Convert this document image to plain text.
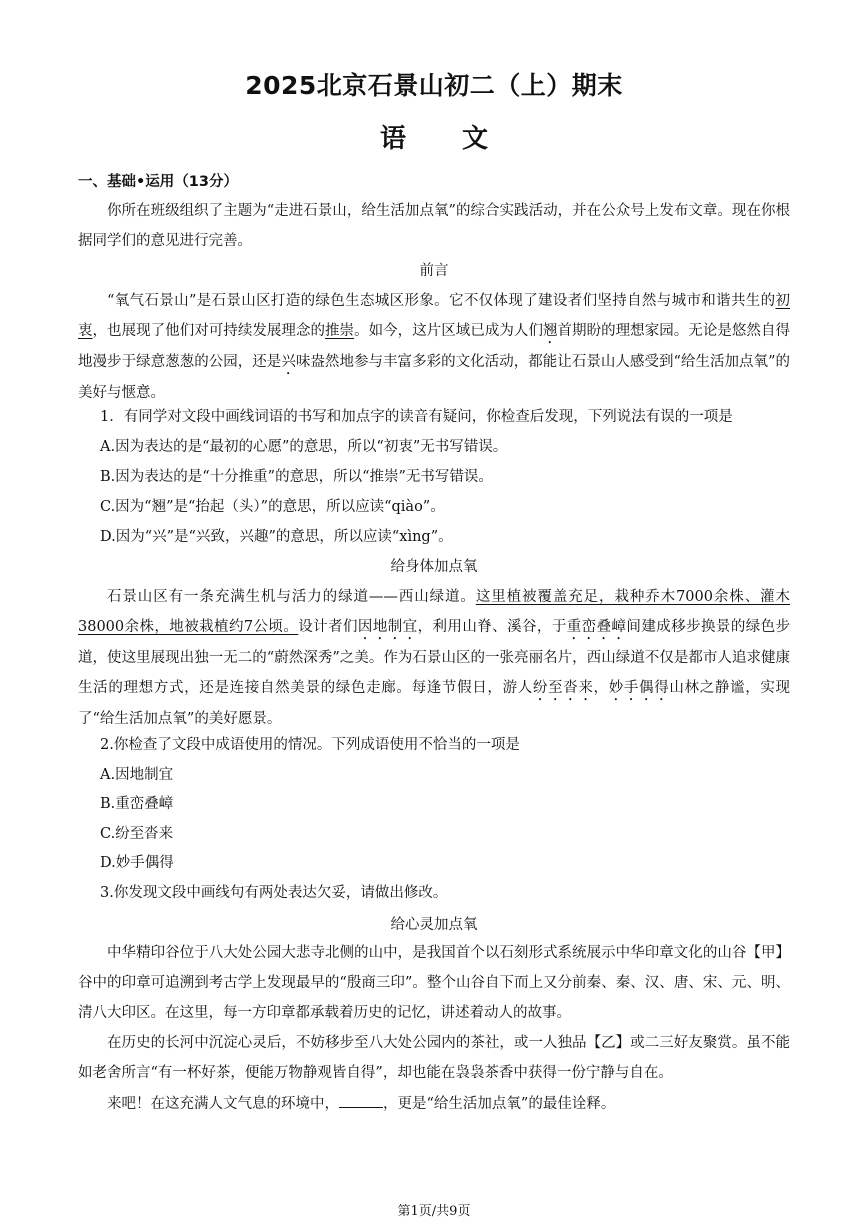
2025北京石景山初二（上）期末
语文
一、基础•运用（13分）
你所在班级组织了主题为“走进石景山，给生活加点氧”的综合实践活动，并在公众号上发布文章。现在你根据同学们的意见进行完善。
前言
“氧气石景山”是石景山区打造的绿色生态城区形象。它不仅体现了建设者们坚持自然与城市和谐共生的初衷，也展现了他们对可持续发展理念的推崇。如今，这片区域已成为人们翘首期盼的理想家园。无论是悠然自得地漫步于绿意葱葱的公园，还是兴味盎然地参与丰富多彩的文化活动，都能让石景山人感受到“给生活加点氧”的美好与惬意。
1．有同学对文段中画线词语的书写和加点字的读音有疑问，你检查后发现，下列说法有误的一项是
A.因为表达的是“最初的心愿”的意思，所以“初衷”无书写错误。
B.因为表达的是“十分推重”的意思，所以“推崇”无书写错误。
C.因为“翘”是“抬起（头）”的意思，所以应读“qiào”。
D.因为“兴”是“兴致，兴趣”的意思，所以应读“xìng”。
给身体加点氧
石景山区有一条充满生机与活力的绿道——西山绿道。这里植被覆盖充足，栽种乔木7000余株、灌木38000余株，地被栽植约7公顷。设计者们因地制宜，利用山脊、溪谷，于重峦叠嶂间建成移步换景的绿色步道，使这里展现出独一无二的“蔚然深秀”之美。作为石景山区的一张亮丽名片，西山绿道不仅是都市人追求健康生活的理想方式，还是连接自然美景的绿色走廊。每逢节假日，游人纷至沓来，妙手偶得山林之静谧，实现了“给生活加点氧”的美好愿景。
2.你检查了文段中成语使用的情况。下列成语使用不恰当的一项是
A.因地制宜
B.重峦叠嶂
C.纷至沓来
D.妙手偶得
3.你发现文段中画线句有两处表达欠妥，请做出修改。
给心灵加点氧
中华精印谷位于八大处公园大悲寺北侧的山中，是我国首个以石刻形式系统展示中华印章文化的山谷【甲】谷中的印章可追溯到考古学上发现最早的“殷商三印”。整个山谷自下而上又分前秦、秦、汉、唐、宋、元、明、清八大印区。在这里，每一方印章都承载着历史的记忆，讲述着动人的故事。
在历史的长河中沉淀心灵后，不妨移步至八大处公园内的茶社，或一人独品【乙】或二三好友聚赏。虽不能如老舍所言“有一杯好茶，便能万物静观皆自得”，却也能在袅袅茶香中获得一份宁静与自在。
来吧！在这充满人文气息的环境中，	，更是“给生活加点氧”的最佳诠释。
第1页/共9页
